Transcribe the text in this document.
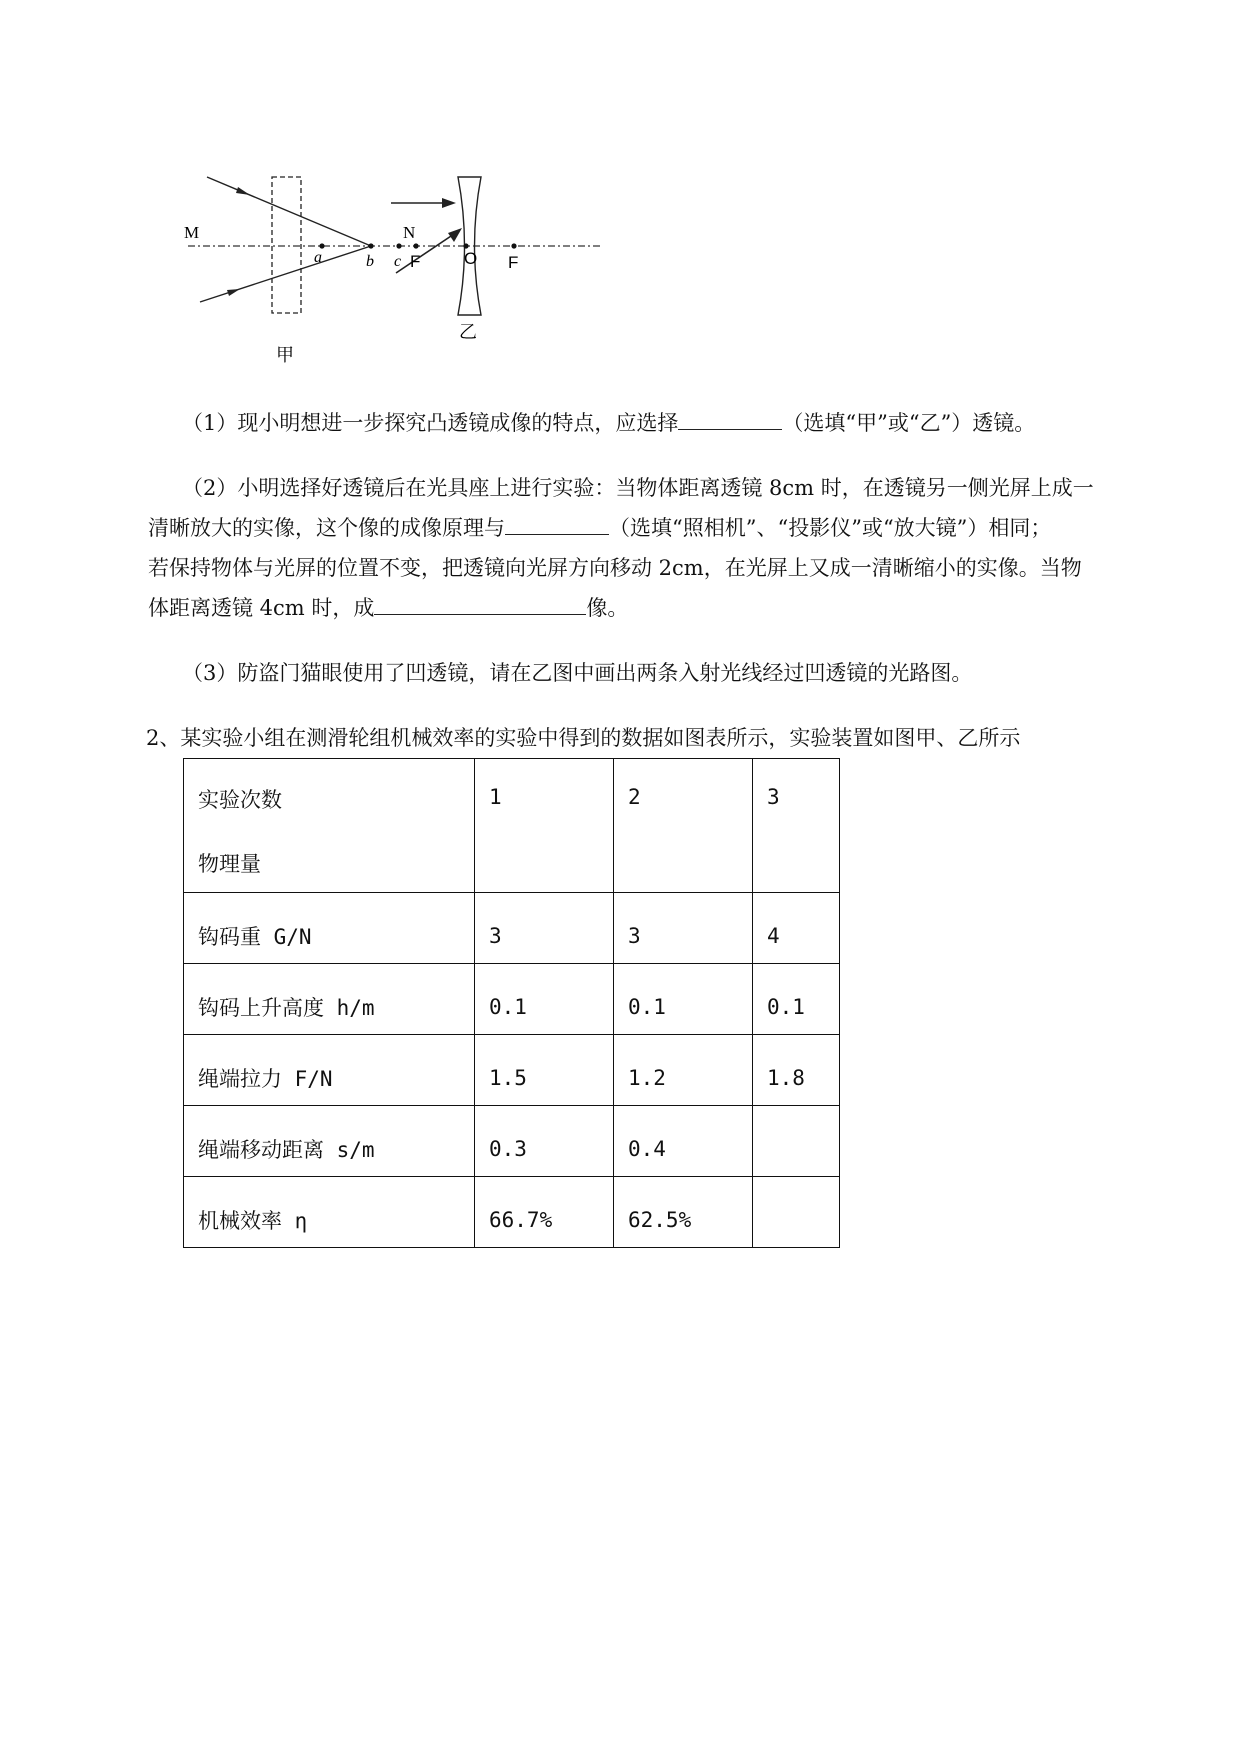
M	N
a	b c
甲
F	O F
乙
（1）现小明想进一步探究凸透镜成像的特点，应选择	（选填“甲”或“乙”）透镜。
（2）小明选择好透镜后在光具座上进行实验：当物体距离透镜 8cm 时，在透镜另一侧光屏上成一
清晰放大的实像，这个像的成像原理与	（选填“照相机”、“投影仪”或“放大镜”）相同；
若保持物体与光屏的位置不变，把透镜向光屏方向移动 2cm，在光屏上又成一清晰缩小的实像。当物
体距离透镜 4cm 时，成	像。
（3）防盗门猫眼使用了凹透镜，请在乙图中画出两条入射光线经过凹透镜的光路图。
2、某实验小组在测滑轮组机械效率的实验中得到的数据如图表所示，实验装置如图甲、乙所示
实验次数
物理量	1	2	3
钩码重 G/N	3	3	4
钩码上升高度 h/m	0.1	0.1	0.1
绳端拉力 F/N	1.5	1.2	1.8
绳端移动距离 s/m	0.3	0.4	
机械效率 η	66.7%	62.5%	
